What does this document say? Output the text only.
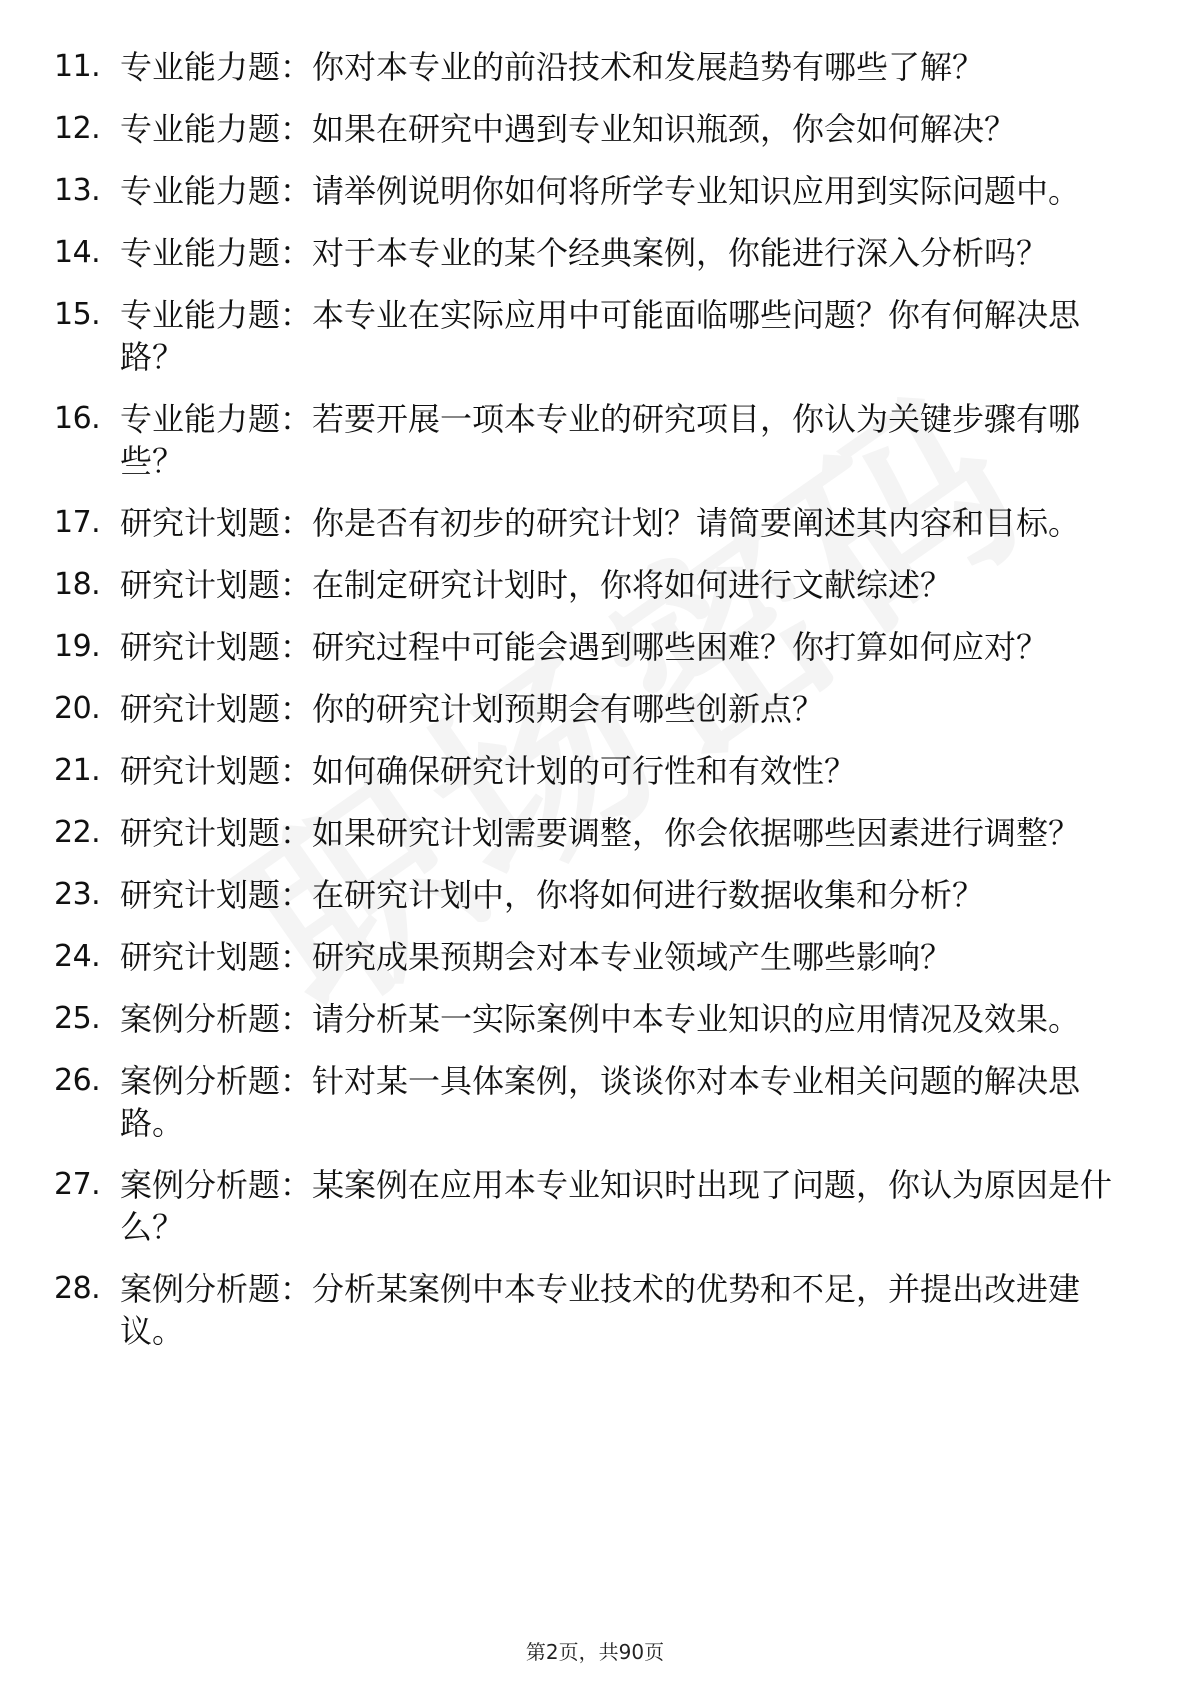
11. 专业能力题：你对本专业的前沿技术和发展趋势有哪些了解？
12. 专业能力题：如果在研究中遇到专业知识瓶颈，你会如何解决？
13. 专业能力题：请举例说明你如何将所学专业知识应用到实际问题中。
14. 专业能力题：对于本专业的某个经典案例，你能进行深入分析吗？
15. 专业能力题：本专业在实际应用中可能面临哪些问题？你有何解决思路？
16. 专业能力题：若要开展一项本专业的研究项目，你认为关键步骤有哪些？
17. 研究计划题：你是否有初步的研究计划？请简要阐述其内容和目标。
18. 研究计划题：在制定研究计划时，你将如何进行文献综述？
19. 研究计划题：研究过程中可能会遇到哪些困难？你打算如何应对？
20. 研究计划题：你的研究计划预期会有哪些创新点？
21. 研究计划题：如何确保研究计划的可行性和有效性？
22. 研究计划题：如果研究计划需要调整，你会依据哪些因素进行调整？
23. 研究计划题：在研究计划中，你将如何进行数据收集和分析？
24. 研究计划题：研究成果预期会对本专业领域产生哪些影响？
25. 案例分析题：请分析某一实际案例中本专业知识的应用情况及效果。
26. 案例分析题：针对某一具体案例，谈谈你对本专业相关问题的解决思路。
27. 案例分析题：某案例在应用本专业知识时出现了问题，你认为原因是什么？
28. 案例分析题：分析某案例中本专业技术的优势和不足，并提出改进建议。
第2页，共90页
